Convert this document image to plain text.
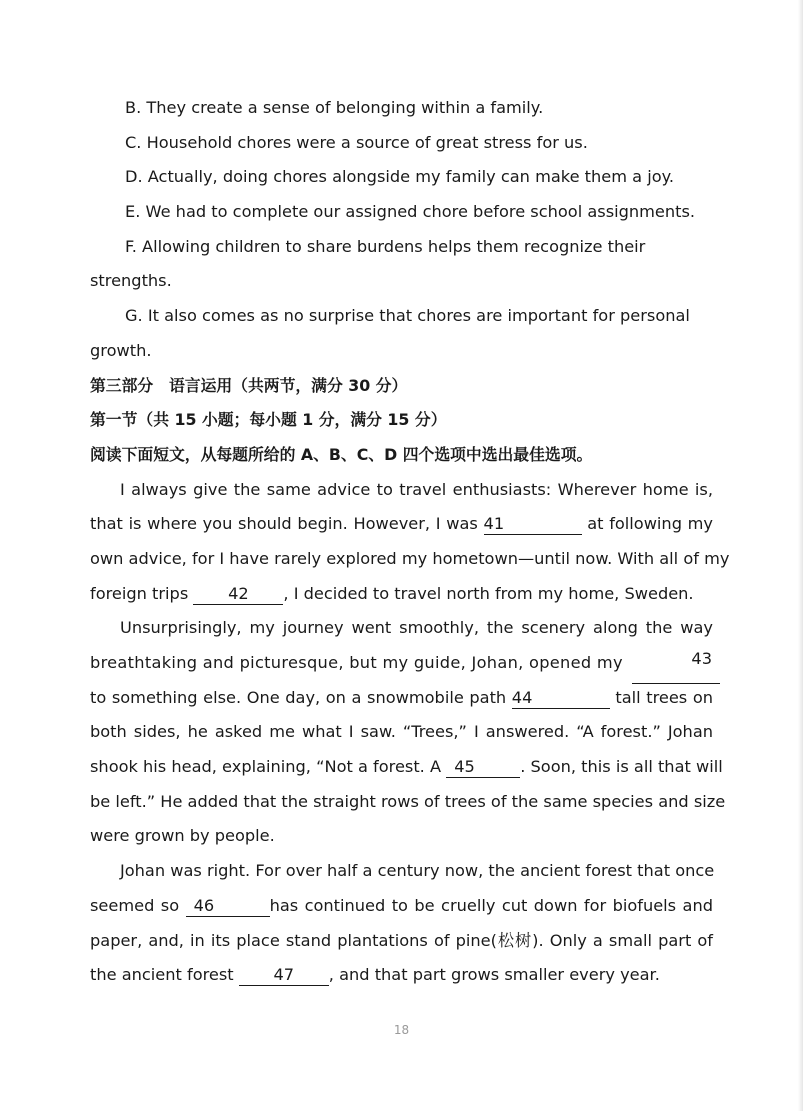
B. They create a sense of belonging within a family.
C. Household chores were a source of great stress for us.
D. Actually, doing chores alongside my family can make them a joy.
E. We had to complete our assigned chore before school assignments.
F. Allowing children to share burdens helps them recognize their
strengths.
G. It also comes as no surprise that chores are important for personal
growth.
第三部分　语言运用（共两节，满分 30 分）
第一节（共 15 小题；每小题 1 分，满分 15 分）
阅读下面短文，从每题所给的 A、B、C、D 四个选项中选出最佳选项。
I always give the same advice to travel enthusiasts: Wherever home is,
that is where you should begin. However, I was 41	at following my
own advice, for I have rarely explored my hometown—until now. With all of my
foreign trips 42 , I decided to travel north from my home, Sweden.
Unsurprisingly, my journey went smoothly, the scenery along the way
breathtaking and picturesque, but my guide, Johan, opened my	43
to something else. One day, on a snowmobile path 44	tall trees on
both sides, he asked me what I saw. “Trees,” I answered. “A forest.” Johan
shook his head, explaining, “Not a forest. A 45	. Soon, this is all that will
be left.” He added that the straight rows of trees of the same species and size
were grown by people.
Johan was right. For over half a century now, the ancient forest that once
seemed so 46	has continued to be cruelly cut down for biofuels and
paper, and, in its place stand plantations of pine(松树). Only a small part of
the ancient forest 47 , and that part grows smaller every year.
18
